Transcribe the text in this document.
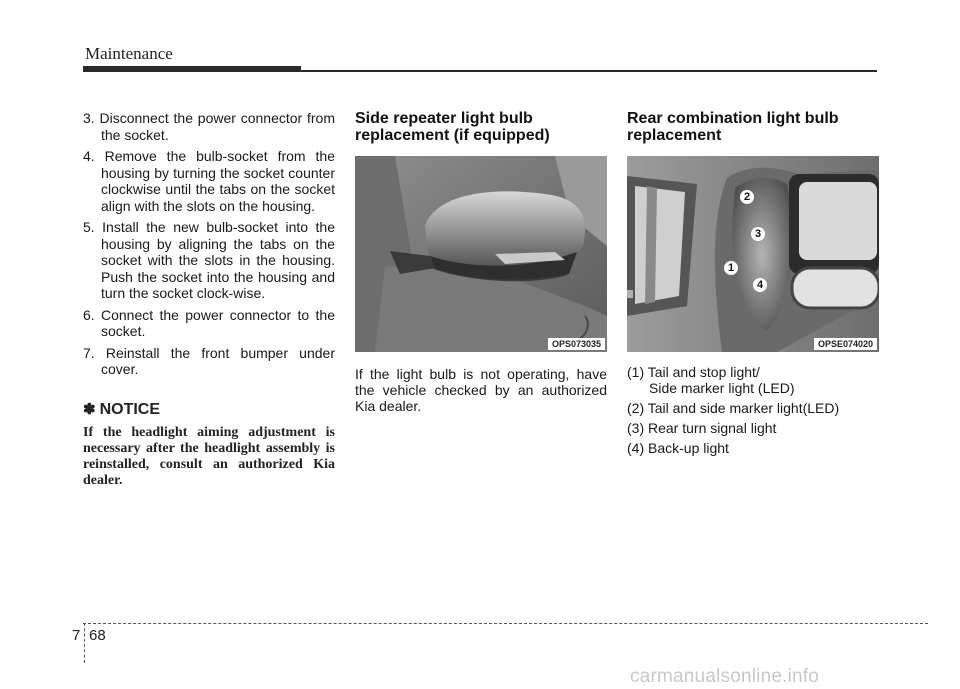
Maintenance
3. Disconnect the power connector from the socket.
4. Remove the bulb-socket from the housing by turning the socket counter clockwise until the tabs on the socket align with the slots on the housing.
5. Install the new bulb-socket into the housing by aligning the tabs on the socket with the slots in the housing. Push the socket into the housing and turn the socket clock-wise.
6. Connect the power connector to the socket.
7. Reinstall the front bumper under cover.
✽ NOTICE
If the headlight aiming adjustment is necessary after the headlight assembly is reinstalled, consult an authorized Kia dealer.
Side repeater light bulb
replacement (if equipped)
OPS073035
If the light bulb is not operating, have the vehicle checked by an authorized Kia dealer.
Rear combination light bulb
replacement
2
3
1
4
OPSE074020
(1) Tail and stop light/
Side marker light (LED)
(2) Tail and side marker light(LED)
(3) Rear turn signal light
(4) Back-up light
7 68
carmanualsonline.info
